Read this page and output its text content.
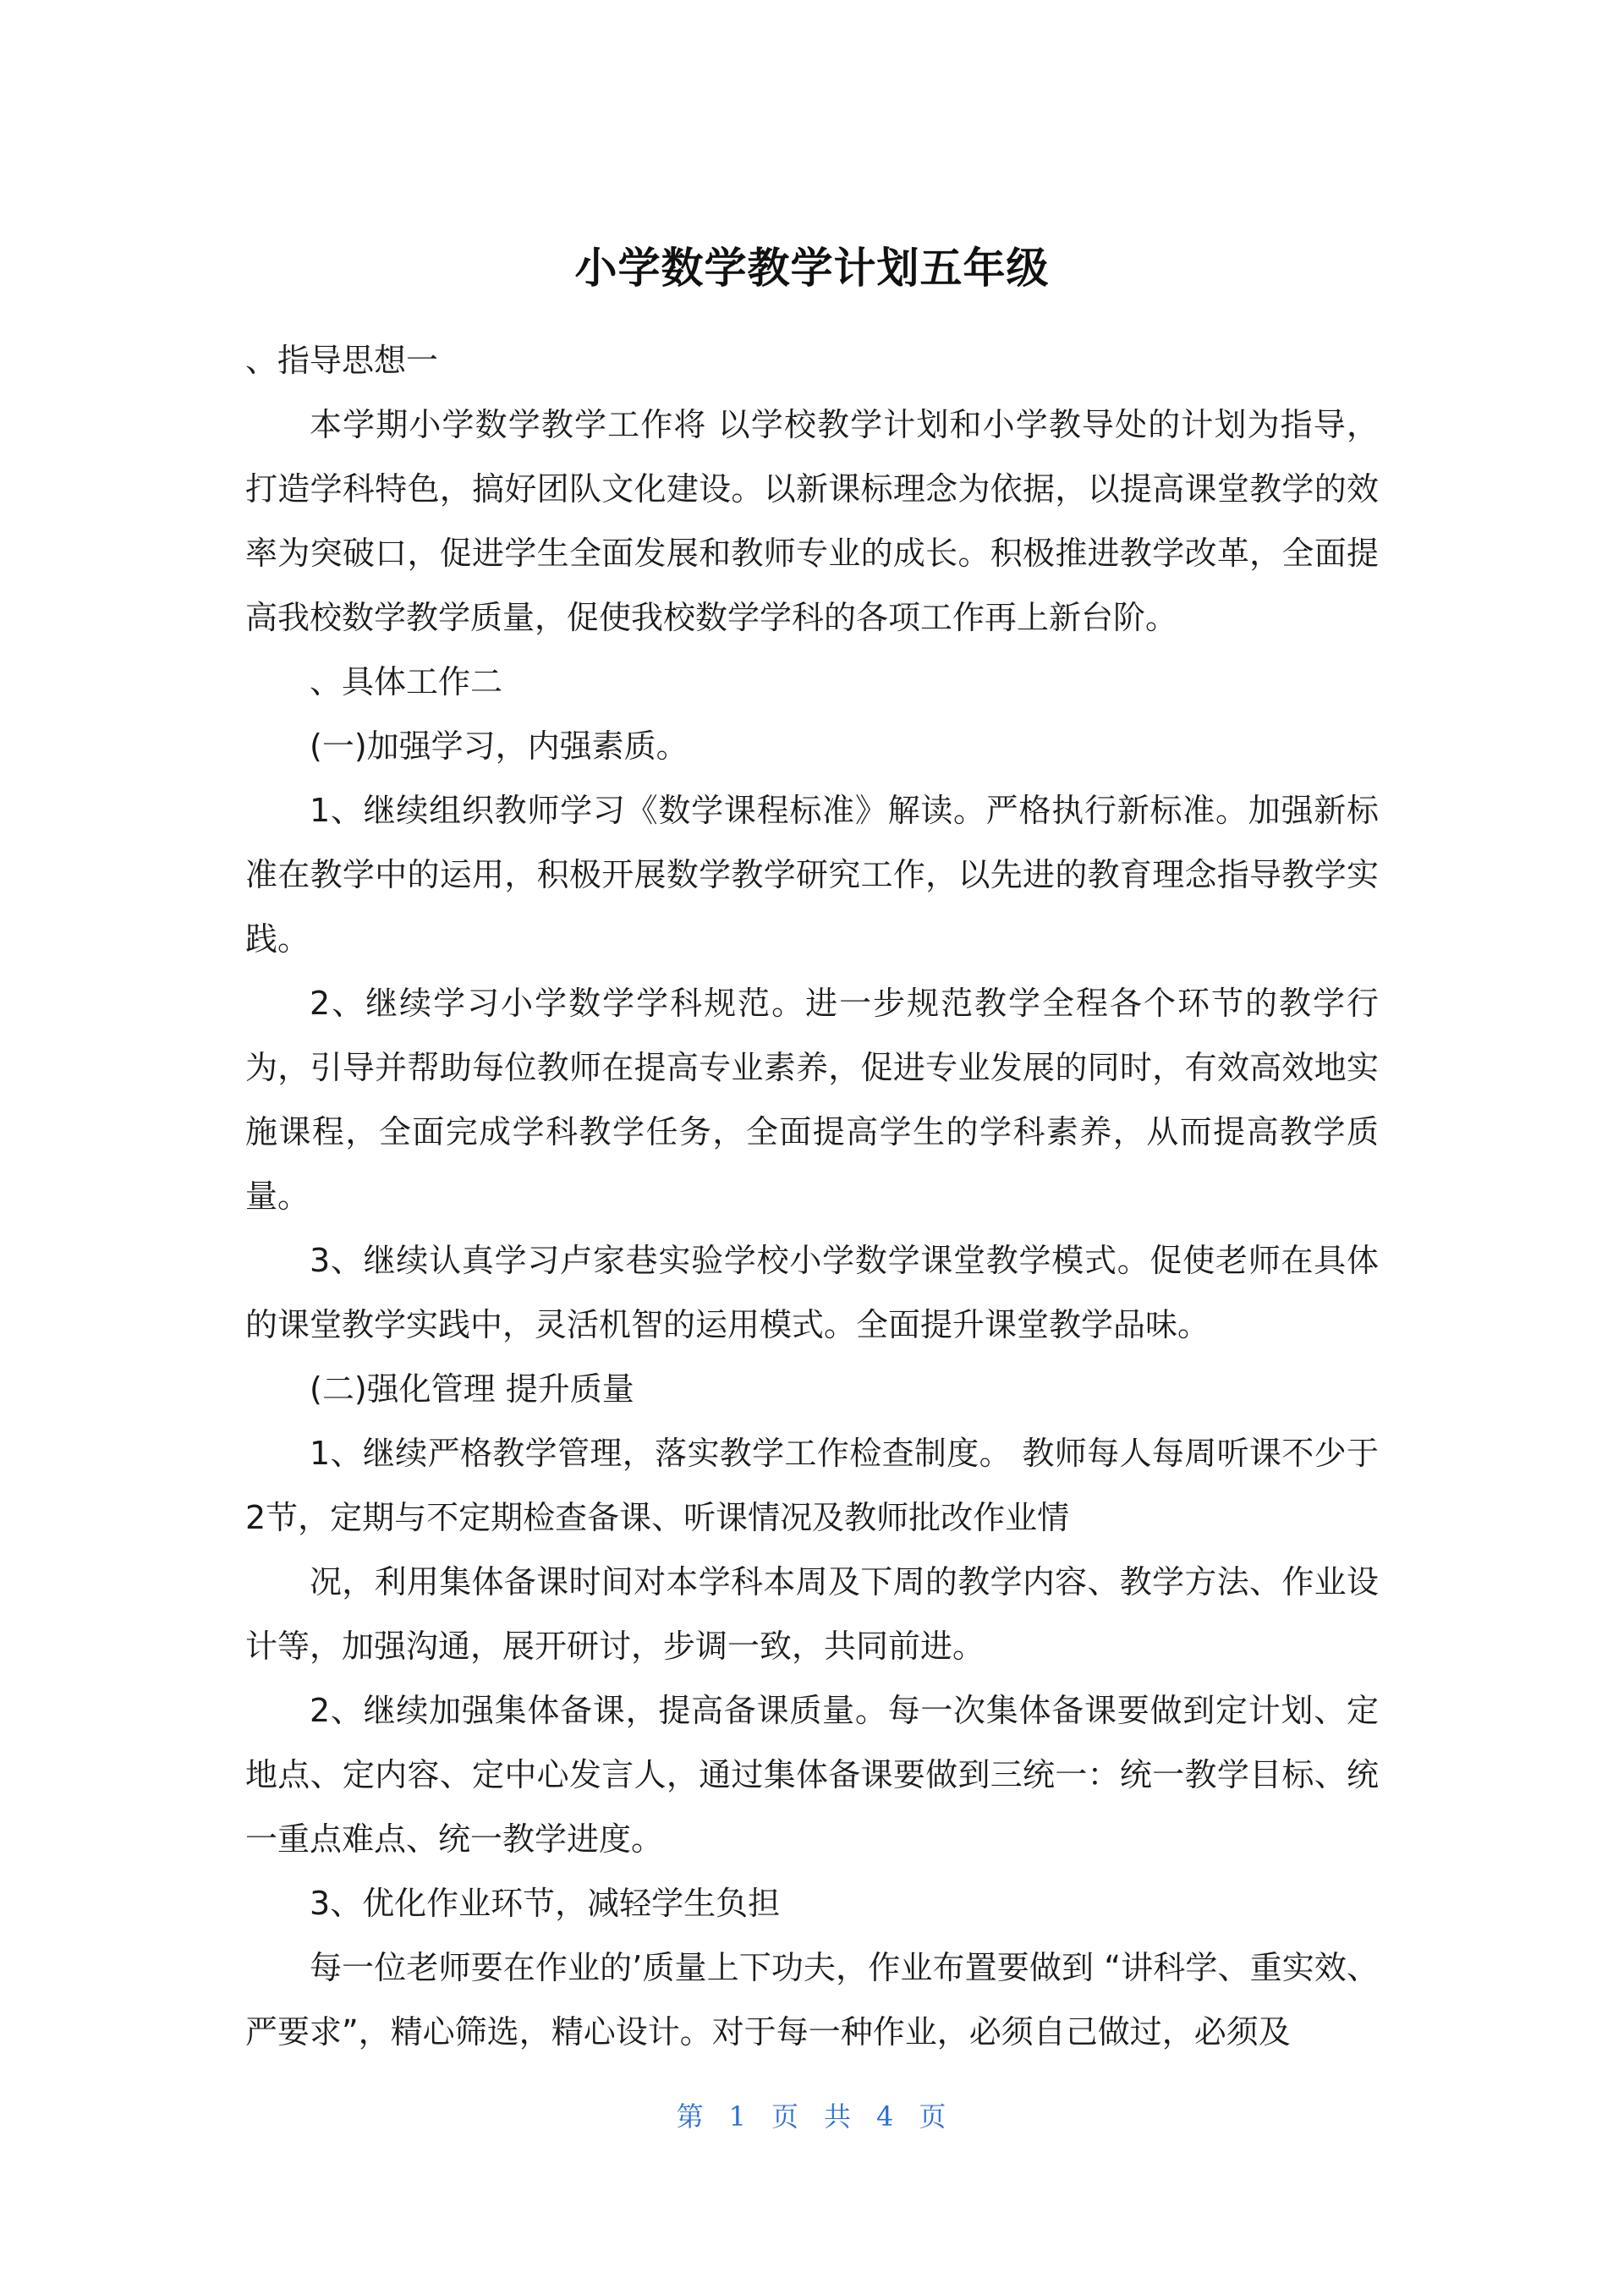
小学数学教学计划五年级

、指导思想一

本学期小学数学教学工作将 以学校教学计划和小学教导处的计划为指导，打造学科特色，搞好团队文化建设。以新课标理念为依据，以提高课堂教学的效率为突破口，促进学生全面发展和教师专业的成长。积极推进教学改革，全面提高我校数学教学质量，促使我校数学学科的各项工作再上新台阶。

、具体工作二

(一)加强学习，内强素质。

1、继续组织教师学习《数学课程标准》解读。严格执行新标准。加强新标准在教学中的运用，积极开展数学教学研究工作，以先进的教育理念指导教学实践。

2、继续学习小学数学学科规范。进一步规范教学全程各个环节的教学行为，引导并帮助每位教师在提高专业素养，促进专业发展的同时，有效高效地实施课程，全面完成学科教学任务，全面提高学生的学科素养，从而提高教学质量。

3、继续认真学习卢家巷实验学校小学数学课堂教学模式。促使老师在具体的课堂教学实践中，灵活机智的运用模式。全面提升课堂教学品味。

(二)强化管理 提升质量

1、继续严格教学管理，落实教学工作检查制度。 教师每人每周听课不少于2节，定期与不定期检查备课、听课情况及教师批改作业情

况，利用集体备课时间对本学科本周及下周的教学内容、教学方法、作业设计等，加强沟通，展开研讨，步调一致，共同前进。

2、继续加强集体备课，提高备课质量。每一次集体备课要做到定计划、定地点、定内容、定中心发言人，通过集体备课要做到三统一：统一教学目标、统一重点难点、统一教学进度。

3、优化作业环节，减轻学生负担

每一位老师要在作业的’质量上下功夫，作业布置要做到 “讲科学、重实效、严要求”，精心筛选，精心设计。对于每一种作业，必须自己做过，必须及

第 1 页 共 4 页
